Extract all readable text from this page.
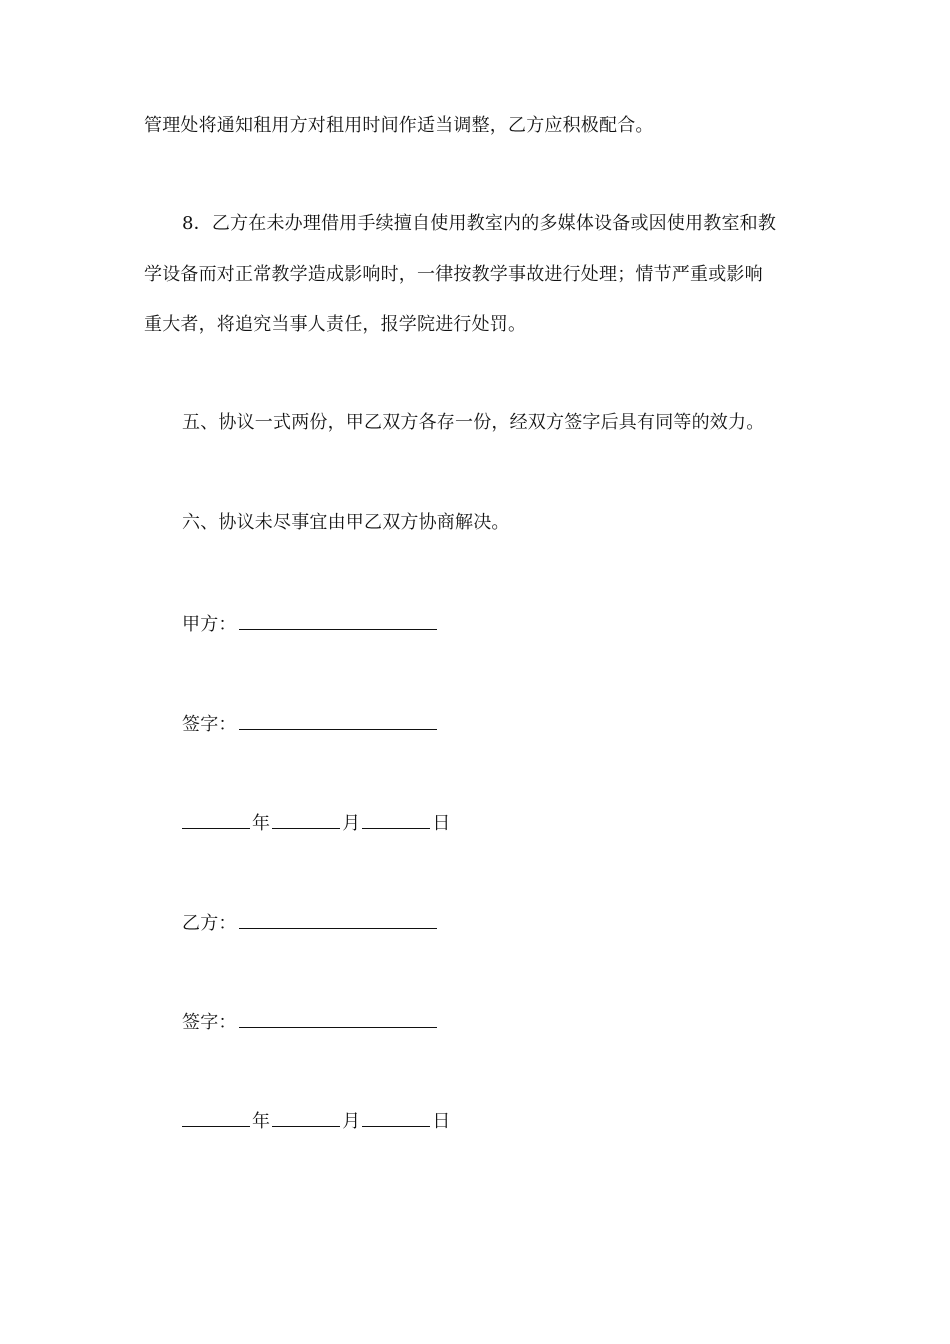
管理处将通知租用方对租用时间作适当调整，乙方应积极配合。
8．乙方在未办理借用手续擅自使用教室内的多媒体设备或因使用教室和教
学设备而对正常教学造成影响时，一律按教学事故进行处理；情节严重或影响
重大者，将追究当事人责任，报学院进行处罚。
五、协议一式两份，甲乙双方各存一份，经双方签字后具有同等的效力。
六、协议未尽事宜由甲乙双方协商解决。
甲方：
签字：
年	月	日
乙方：
签字：
年	月	日
